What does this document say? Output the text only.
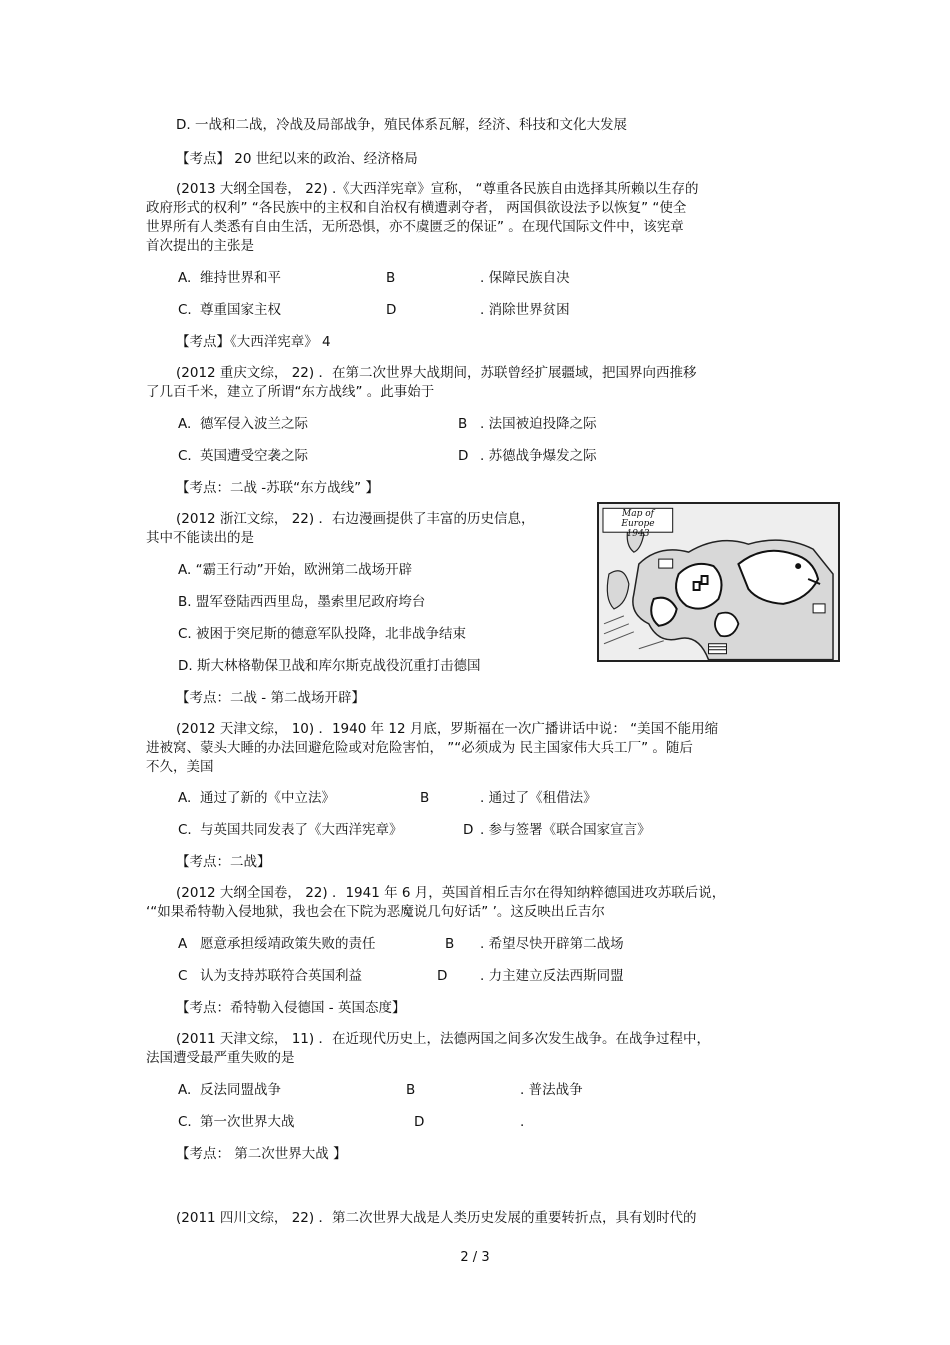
D. 一战和二战，冷战及局部战争，殖民体系瓦解，经济、科技和文化大发展
【考点】 20 世纪以来的政治、经济格局
(2013 大纲全国卷， 22) .《大西洋宪章》宣称， “尊重各民族自由选择其所赖以生存的
政府形式的权利” “各民族中的主权和自治权有横遭剥夺者， 两国俱欲设法予以恢复” “使全
世界所有人类悉有自由生活，无所恐惧，亦不虞匮乏的保证” 。在现代国际文件中，该宪章
首次提出的主张是
A. 维持世界和平	B	. 保障民族自决
C. 尊重国家主权	D	. 消除世界贫困
【考点】《大西洋宪章》 4
(2012 重庆文综， 22) ．在第二次世界大战期间，苏联曾经扩展疆域，把国界向西推移
了几百千米，建立了所谓“东方战线” 。此事始于
A. 德军侵入波兰之际	B . 法国被迫投降之际
C. 英国遭受空袭之际	D . 苏德战争爆发之际
【考点：二战 -苏联“东方战线” 】
(2012 浙江文综， 22) ．右边漫画提供了丰富的历史信息，
其中不能读出的是
A. “霸王行动”开始，欧洲第二战场开辟
B. 盟军登陆西西里岛，墨索里尼政府垮台
C. 被困于突尼斯的德意军队投降，北非战争结束
D. 斯大林格勒保卫战和库尔斯克战役沉重打击德国
【考点：二战 - 第二战场开辟】
Map of Europe
1943
(2012 天津文综， 10) ．1940 年 12 月底，罗斯福在一次广播讲话中说： “美国不能用缩
进被窝、蒙头大睡的办法回避危险或对危险害怕， ”“必须成为 民主国家伟大兵工厂” 。随后
不久，美国
A. 通过了新的《中立法》	B	. 通过了《租借法》
C. 与英国共同发表了《大西洋宪章》	D . 参与签署《联合国家宣言》
【考点：二战】
(2012 大纲全国卷， 22) ．1941 年 6 月，英国首相丘吉尔在得知纳粹德国进攻苏联后说，
‘“如果希特勒入侵地狱，我也会在下院为恶魔说几句好话” ’。这反映出丘吉尔
A 愿意承担绥靖政策失败的责任	B . 希望尽快开辟第二战场
C 认为支持苏联符合英国利益	D . 力主建立反法西斯同盟
【考点：希特勒入侵德国 - 英国态度】
(2011 天津文综， 11) ．在近现代历史上，法德两国之间多次发生战争。在战争过程中，
法国遭受最严重失败的是
A. 反法同盟战争	B	. 普法战争
C. 第一次世界大战	D	.
【考点： 第二次世界大战 】
(2011 四川文综， 22) ．第二次世界大战是人类历史发展的重要转折点，具有划时代的
2 / 3
